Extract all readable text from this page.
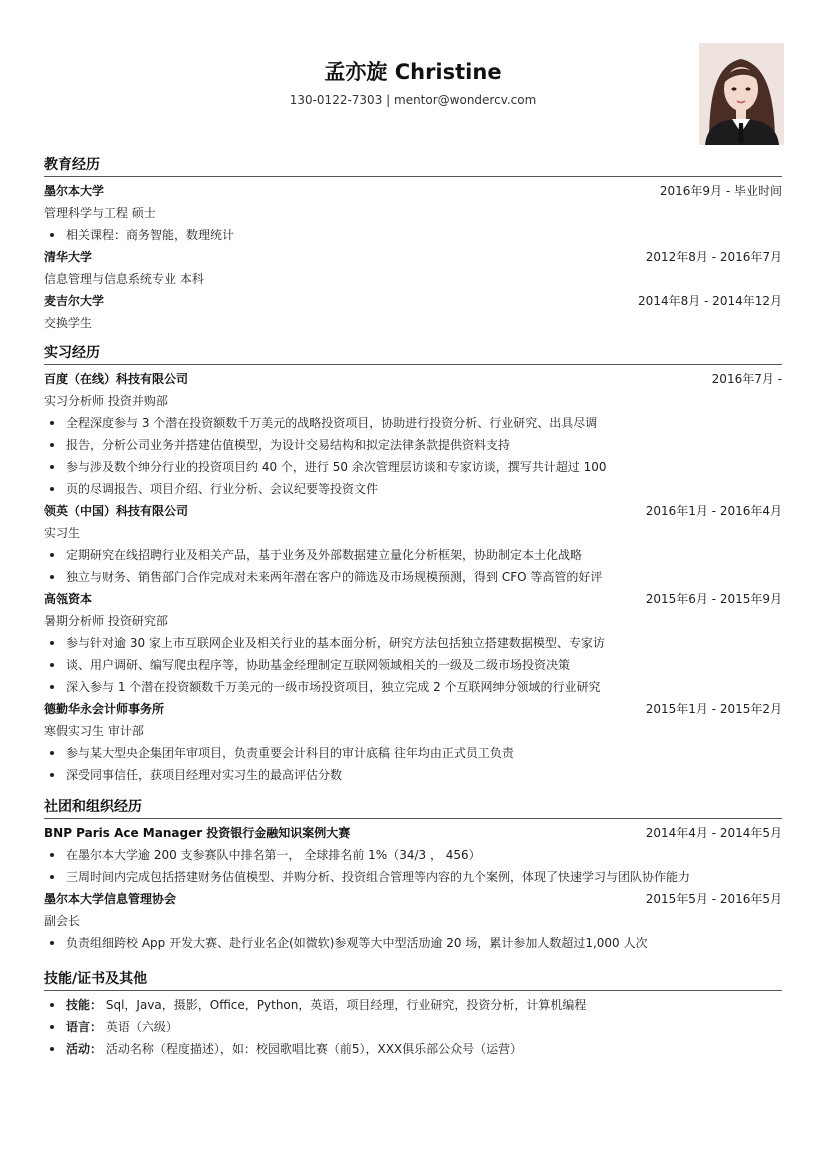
孟亦旋 Christine
130-0122-7303 | mentor@wondercv.com
教育经历
墨尔本大学	2016年9月 - 毕业时间
管理科学与工程 硕士
相关课程：商务智能，数理统计
清华大学	2012年8月 - 2016年7月
信息管理与信息系统专业 本科
麦吉尔大学	2014年8月 - 2014年12月
交换学生
实习经历
百度（在线）科技有限公司	2016年7月 -
实习分析师 投资并购部
全程深度参与 3 个潜在投资额数千万美元的战略投资项目，协助进行投资分析、行业研究、出具尽调
报告，分析公司业务并搭建估值模型，为设计交易结构和拟定法律条款提供资料支持
参与涉及数个绅分行业的投资项目约 40 个，进行 50 余次管理层访谈和专家访谈，撰写共计超过 100
页的尽调报告、项目介绍、行业分析、会议纪要等投资文件
领英（中国）科技有限公司	2016年1月 - 2016年4月
实习生
定期研究在线招聘行业及相关产品，基于业务及外部数据建立量化分析框架，协助制定本土化战略
独立与财务、销售部门合作完成对未来两年潜在客户的筛选及市场规模预测，得到 CFO 等高管的好评
高瓴资本	2015年6月 - 2015年9月
暑期分析师 投资研究部
参与针对逾 30 家上市互联网企业及相关行业的基本面分析，研究方法包括独立搭建数据模型、专家访
谈、用户调研、编写爬虫程序等，协助基金经理制定互联网领域相关的一级及二级市场投资决策
深入参与 1 个潜在投资额数千万美元的一级市场投资项目，独立完成 2 个互联网绅分领域的行业研究
德勤华永会计师事务所	2015年1月 - 2015年2月
寒假实习生 审计部
参与某大型央企集团年审项目，负责重要会计科目的审计底稿 往年均由正式员工负责
深受同事信任，获项目经理对实习生的最高评估分数
社团和组织经历
BNP Paris Ace Manager 投资银行金融知识案例大赛	2014年4月 - 2014年5月
在墨尔本大学逾 200 支参赛队中排名第一， 全球排名前 1%（34/3 ， 456）
三周时间内完成包括搭建财务估值模型、并购分析、投资组合管理等内容的九个案例，体现了快速学习与团队协作能力
墨尔本大学信息管理协会	2015年5月 - 2016年5月
副会长
负责组细跨校 App 开发大赛、赴行业名企(如微软)参观等大中型活劢逾 20 场，累计参加人数超过1,000 人次
技能/证书及其他
技能： Sql，Java，摄影，Office，Python，英语，项目经理，行业研究，投资分析，计算机编程
语言： 英语（六级）
活动： 活动名称（程度描述），如：校园歌唱比赛（前5），XXX俱乐部公众号（运营）
